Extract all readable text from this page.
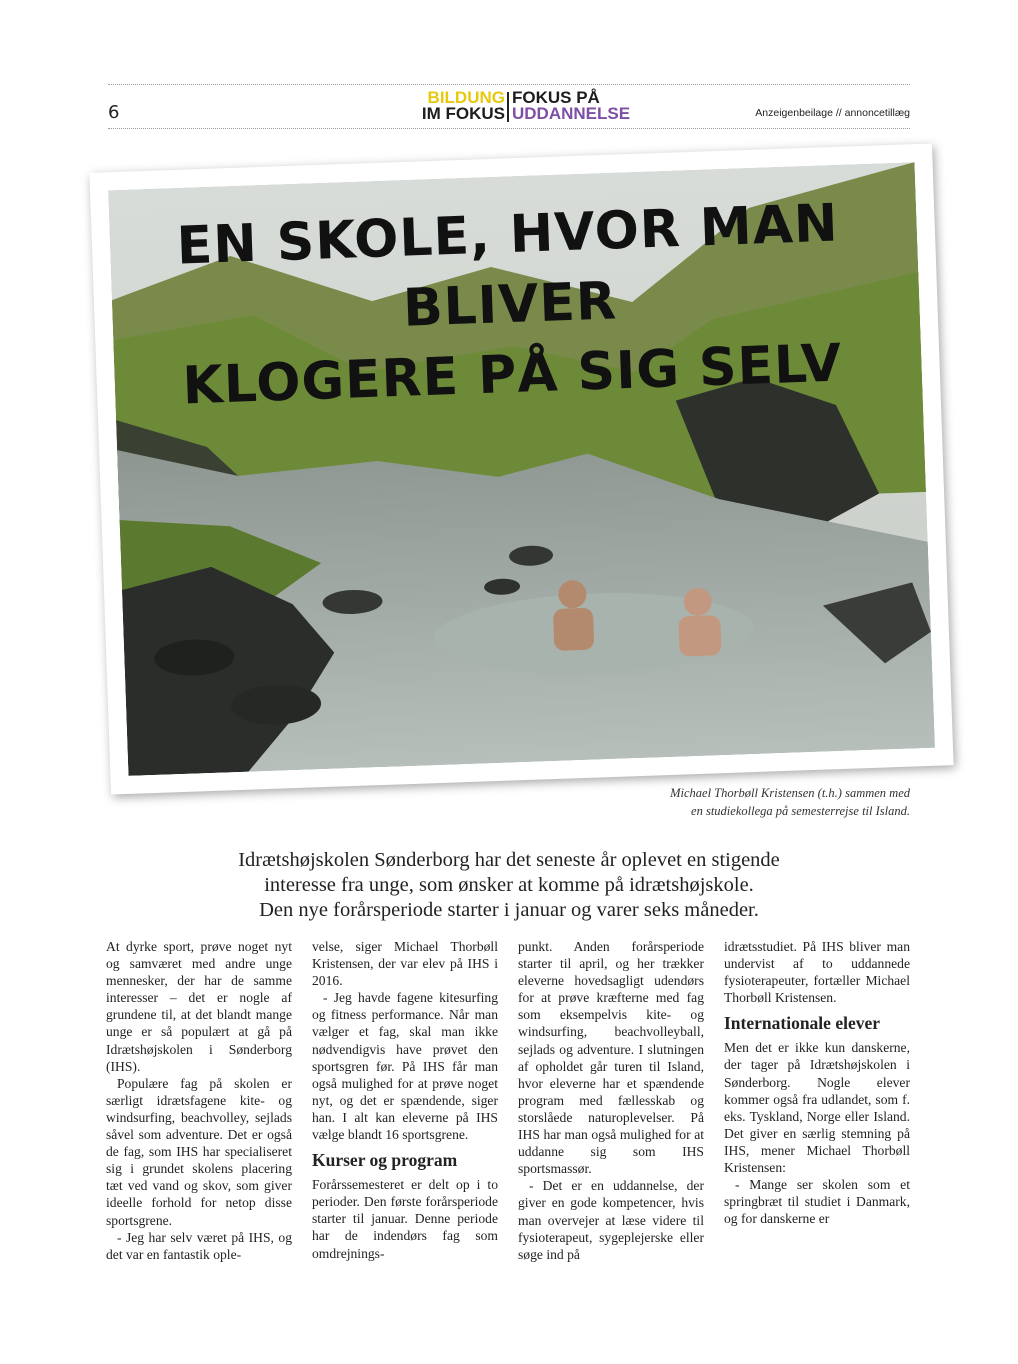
6
BILDUNG
IM FOKUS
FOKUS PÅ
UDDANNELSE	Anzeigenbeilage // annoncetillæg
EN SKOLE, HVOR MAN BLIVER
KLOGERE PÅ SIG SELV
Michael Thorbøll Kristensen (t.h.) sammen med
en studiekollega på semesterrejse til Island.
Idrætshøjskolen Sønderborg har det seneste år oplevet en stigende
interesse fra unge, som ønsker at komme på idrætshøjskole.
Den nye forårsperiode starter i januar og varer seks måneder.

At dyrke sport, prøve noget nyt og samværet med andre unge mennesker, der har de samme interesser – det er nogle af grundene til, at det blandt mange unge er så populært at gå på Idrætshøjskolen i Sønderborg (IHS).

Populære fag på skolen er særligt idrætsfagene kite- og windsurfing, beachvolley, sejlads såvel som adventure. Det er også de fag, som IHS har specialiseret sig i grundet skolens placering tæt ved vand og skov, som giver ideelle forhold for netop disse sportsgrene.

- Jeg har selv været på IHS, og det var en fantastik ople-

velse, siger Michael Thorbøll Kristensen, der var elev på IHS i 2016.

- Jeg havde fagene kitesurfing og fitness performance. Når man vælger et fag, skal man ikke nødvendigvis have prøvet den sportsgren før. På IHS får man også mulighed for at prøve noget nyt, og det er spændende, siger han. I alt kan eleverne på IHS vælge blandt 16 sportsgrene.

Kurser og program

Forårssemesteret er delt op i to perioder. Den første forårsperiode starter til januar. Denne periode har de indendørs fag som omdrejnings-

punkt. Anden forårsperiode starter til april, og her trækker eleverne hovedsagligt udendørs for at prøve kræfterne med fag som eksempelvis kite- og windsurfing, beachvolleyball, sejlads og adventure. I slutningen af opholdet går turen til Island, hvor eleverne har et spændende program med fællesskab og storslåede naturoplevelser. På IHS har man også mulighed for at uddanne sig som IHS sportsmassør.

- Det er en uddannelse, der giver en gode kompetencer, hvis man overvejer at læse videre til fysioterapeut, sygeplejerske eller søge ind på

idrætsstudiet. På IHS bliver man undervist af to uddannede fysioterapeuter, fortæller Michael Thorbøll Kristensen.

Internationale elever

Men det er ikke kun danskerne, der tager på Idrætshøjskolen i Sønderborg. Nogle elever kommer også fra udlandet, som f. eks. Tyskland, Norge eller Island. Det giver en særlig stemning på IHS, mener Michael Thorbøll Kristensen:

- Mange ser skolen som et springbræt til studiet i Danmark, og for danskerne er
